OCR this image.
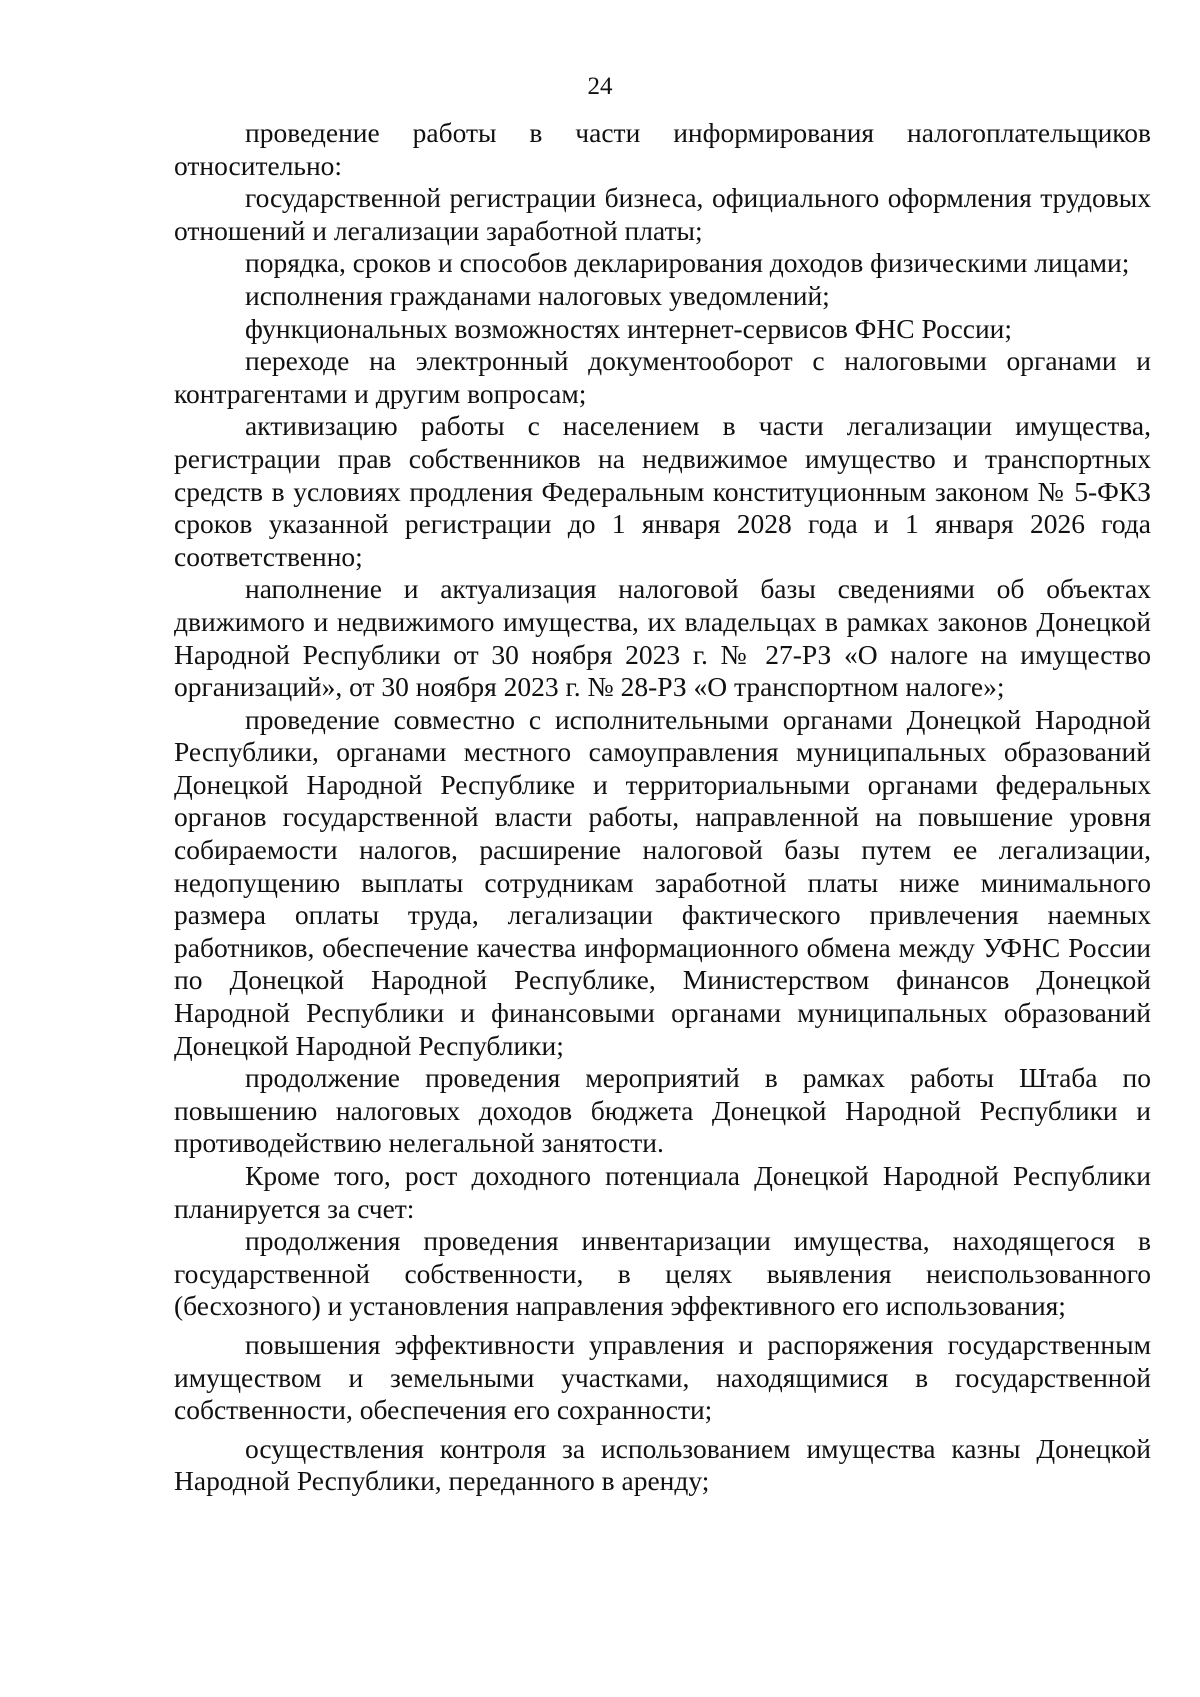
24

проведение работы в части информирования налогоплательщиков относительно:

государственной регистрации бизнеса, официального оформления трудовых отношений и легализации заработной платы;

порядка, сроков и способов декларирования доходов физическими лицами;

исполнения гражданами налоговых уведомлений;

функциональных возможностях интернет-сервисов ФНС России;

переходе на электронный документооборот с налоговыми органами и контрагентами и другим вопросам;

активизацию работы с населением в части легализации имущества, регистрации прав собственников на недвижимое имущество и транспортных средств в условиях продления Федеральным конституционным законом № 5-ФКЗ сроков указанной регистрации до 1 января 2028 года и 1 января 2026 года соответственно;

наполнение и актуализация налоговой базы сведениями об объектах движимого и недвижимого имущества, их владельцах в рамках законов Донецкой Народной Республики от 30 ноября 2023 г. № 27-РЗ «О налоге на имущество организаций», от 30 ноября 2023 г. № 28-РЗ «О транспортном налоге»;

проведение совместно с исполнительными органами Донецкой Народной Республики, органами местного самоуправления муниципальных образований Донецкой Народной Республике и территориальными органами федеральных органов государственной власти работы, направленной на повышение уровня собираемости налогов, расширение налоговой базы путем ее легализации, недопущению выплаты сотрудникам заработной платы ниже минимального размера оплаты труда, легализации фактического привлечения наемных работников, обеспечение качества информационного обмена между УФНС России по Донецкой Народной Республике, Министерством финансов Донецкой Народной Республики и финансовыми органами муниципальных образований Донецкой Народной Республики;

продолжение проведения мероприятий в рамках работы Штаба по повышению налоговых доходов бюджета Донецкой Народной Республики и противодействию нелегальной занятости.

Кроме того, рост доходного потенциала Донецкой Народной Республики планируется за счет:

продолжения проведения инвентаризации имущества, находящегося в государственной собственности, в целях выявления неиспользованного (бесхозного) и установления направления эффективного его использования;

повышения эффективности управления и распоряжения государственным имуществом и земельными участками, находящимися в государственной собственности, обеспечения его сохранности;

осуществления контроля за использованием имущества казны Донецкой Народной Республики, переданного в аренду;
